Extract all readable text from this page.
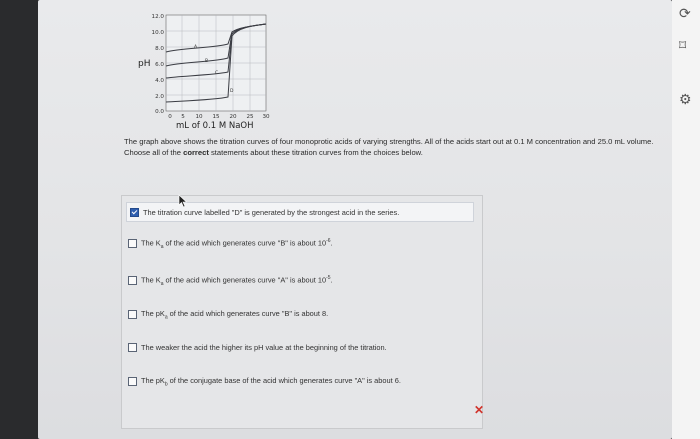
A
B
C
D
12.0
10.0
8.0
6.0
4.0
2.0
0.0
pH
0 5 10 15 20 25 30
mL of 0.1 M NaOH
The graph above shows the titration curves of four monoprotic acids of varying strengths. All of the acids start out at 0.1 M concentration and 25.0 mL volume. Choose all of the correct statements about these titration curves from the choices below.
The titration curve labelled "D" is generated by the strongest acid in the series.
The $K_a$ of the acid which generates curve "B" is about $10^{-6}$.
The $K_a$ of the acid which generates curve "A" is about $10^{-5}$.
The $pK_a$ of the acid which generates curve "B" is about 8.
The weaker the acid the higher its pH value at the beginning of the titration.
The $pK_b$ of the conjugate base of the acid which generates curve "A" is about 6.
✕
⟳
⌑
⚙
